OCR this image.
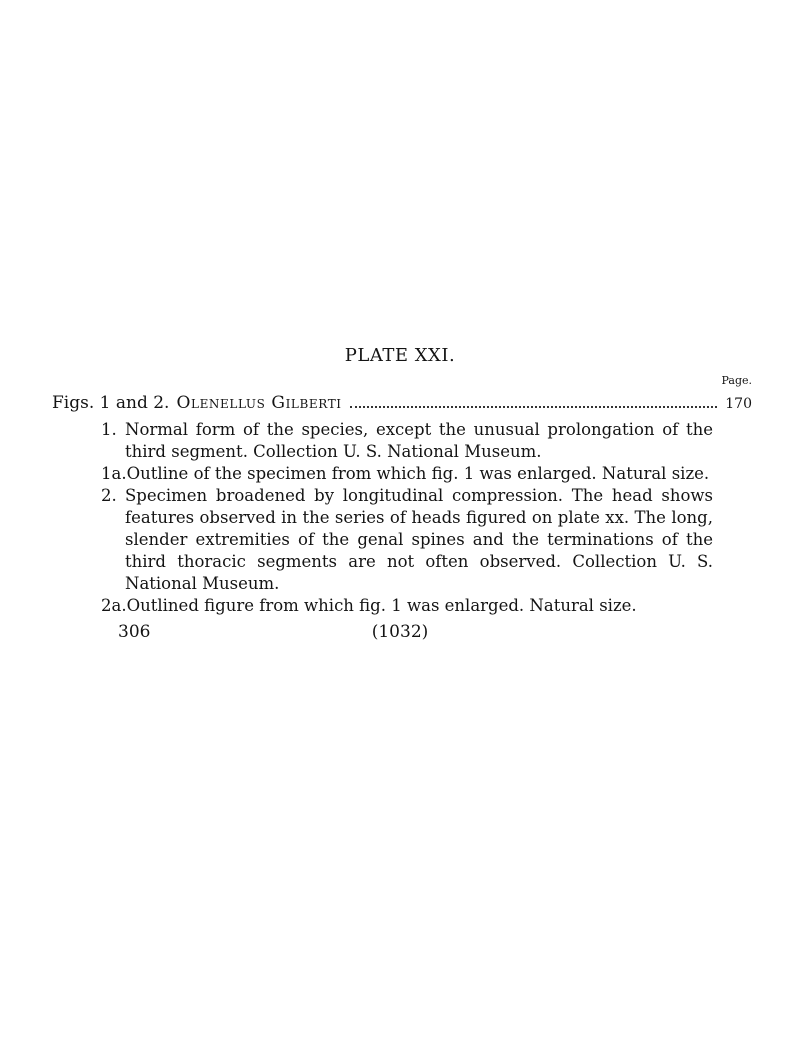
PLATE XXI.
Page.
Figs. 1 and 2. Olenellus Gilberti	170
1. Normal form of the species, except the unusual prolongation of the third segment. Collection U. S. National Museum.
1a. Outline of the specimen from which fig. 1 was enlarged. Natural size.
2. Specimen broadened by longitudinal compression. The head shows features observed in the series of heads figured on plate xx. The long, slender extremities of the genal spines and the terminations of the third thoracic segments are not often observed. Collection U. S. National Museum.
2a. Outlined figure from which fig. 1 was enlarged. Natural size.
306	(1032)
